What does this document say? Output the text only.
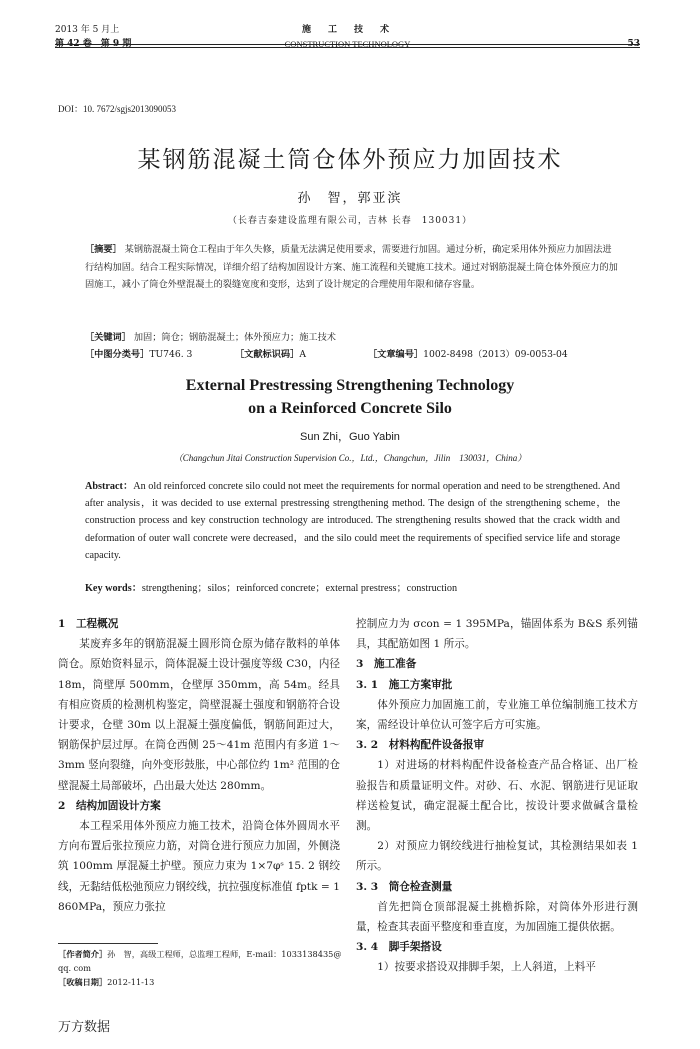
2013 年 5 月上
第 42 卷　第 9 期
施　工　技　术
CONSTRUCTION TECHNOLOGY	53
DOI：10. 7672/sgjs2013090053
某钢筋混凝土筒仓体外预应力加固技术
孙　智，郭亚滨
（长春吉泰建设监理有限公司，吉林 长春　130031）
［摘要］ 某钢筋混凝土筒仓工程由于年久失修，质量无法满足使用要求，需要进行加固。通过分析，确定采用体外预应力加固法进行结构加固。结合工程实际情况，详细介绍了结构加固设计方案、施工流程和关键施工技术。通过对钢筋混凝土筒仓体外预应力的加固施工，减小了筒仓外壁混凝土的裂缝宽度和变形，达到了设计规定的合理使用年限和储存容量。
［关键词］ 加固；筒仓；钢筋混凝土；体外预应力；施工技术
［中图分类号］TU746. 3	［文献标识码］A	［文章编号］1002-8498（2013）09-0053-04
External Prestressing Strengthening Technology
on a Reinforced Concrete Silo
Sun Zhi，Guo Yabin
（Changchun Jitai Construction Supervision Co.，Ltd.，Changchun，Jilin　130031，China）
Abstract：An old reinforced concrete silo could not meet the requirements for normal operation and need to be strengthened. And after analysis，it was decided to use external prestressing strengthening method. The design of the strengthening scheme，the construction process and key construction technology are introduced. The strengthening results showed that the crack width and deformation of outer wall concrete were decreased，and the silo could meet the requirements of specified service life and storage capacity.
Key words：strengthening；silos；reinforced concrete；external prestress；construction

1　工程概况

某废弃多年的钢筋混凝土圆形筒仓原为储存散料的单体筒仓。原始资料显示，筒体混凝土设计强度等级 C30，内径 18m，筒壁厚 500mm，仓壁厚 350mm，高 54m。经具有相应资质的检测机构鉴定，筒壁混凝土强度和钢筋符合设计要求，仓壁 30m 以上混凝土强度偏低，钢筋间距过大，钢筋保护层过厚。在筒仓西侧 25～41m 范围内有多道 1～3mm 竖向裂缝，向外变形鼓胀，中心部位约 1m² 范围的仓壁混凝土局部破坏，凸出最大处达 280mm。

2　结构加固设计方案

本工程采用体外预应力施工技术，沿筒仓体外圆周水平方向布置后张拉预应力筋，对筒仓进行预应力加固，外侧浇筑 100mm 厚混凝土护壁。预应力束为 1×7φˢ 15. 2 钢绞线，无黏结低松弛预应力钢绞线，抗拉强度标准值 fptk = 1 860MPa，预应力张拉

控制应力为 σcon = 1 395MPa，锚固体系为 B&S 系列锚具，其配筋如图 1 所示。

3　施工准备

3. 1　施工方案审批

体外预应力加固施工前，专业施工单位编制施工技术方案，需经设计单位认可签字后方可实施。

3. 2　材料构配件设备报审

1）对进场的材料构配件设备检查产品合格证、出厂检验报告和质量证明文件。对砂、石、水泥、钢筋进行见证取样送检复试，确定混凝土配合比，按设计要求做碱含量检测。

2）对预应力钢绞线进行抽检复试，其检测结果如表 1 所示。

3. 3　筒仓检查测量

首先把筒仓顶部混凝土挑檐拆除，对筒体外形进行测量，检查其表面平整度和垂直度，为加固施工提供依据。

3. 4　脚手架搭设

1）按要求搭设双排脚手架，上人斜道，上料平

［作者简介］孙　智，高级工程师，总监理工程师，E-mail：1033138435@ qq. com
［收稿日期］2012-11-13
万方数据
